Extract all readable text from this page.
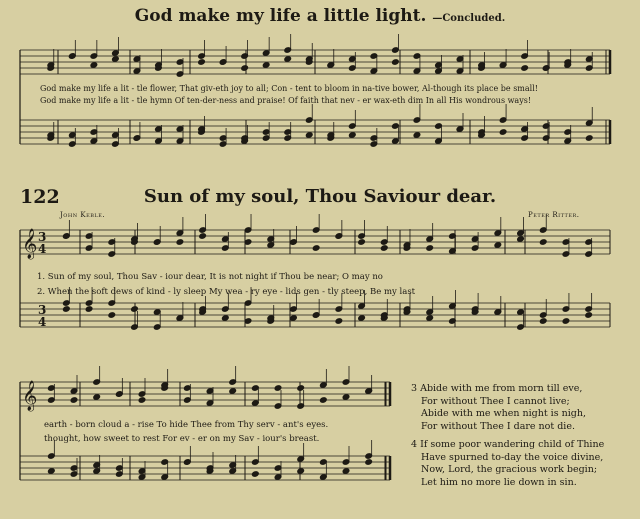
God make my life a little light. —Concluded.
𝄞 3
4
3
4
𝄞
God make my life a lit - tle flower, That giv-eth joy to all; Con - tent to bloom in na-tive bower, Al-though its place be small!
God make my life a lit - tle hymn Of ten-der-ness and praise! Of faith that nev - er wax-eth dim In all His wondrous ways!
122	Sun of my soul, Thou Saviour dear.
John Keble.	Peter Ritter.
1. Sun of my soul, Thou Sav - iour dear, It is not night if Thou be near; O may no
2. When the soft dews of kind - ly sleep My wea - ry eye - lids gen - tly steep, Be my last
earth - born cloud a - rise To hide Thee from Thy serv - ant's eyes.
thought, how sweet to rest For ev - er on my Sav - iour's breast.
3 Abide with me from morn till eve,
For without Thee I cannot live;
Abide with me when night is nigh,
For without Thee I dare not die.
4 If some poor wandering child of Thine
Have spurned to-day the voice divine,
Now, Lord, the gracious work begin;
Let him no more lie down in sin.
